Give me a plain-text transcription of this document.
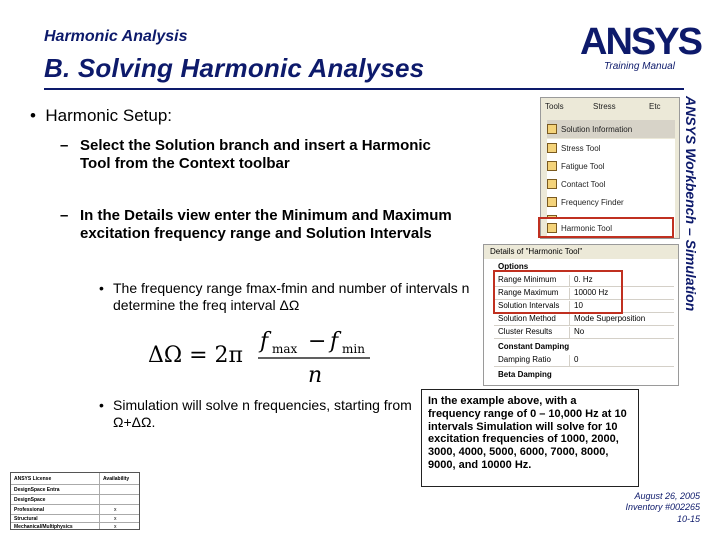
Harmonic Analysis
B. Solving Harmonic Analyses
ANSYS
Training Manual
ANSYS Workbench – Simulation
•  Harmonic Setup:
– Select the Solution branch and insert a Harmonic Tool from the Context toolbar
– In the Details view enter the Minimum and Maximum excitation frequency range and Solution Intervals
• The frequency range fmax-fmin and number of intervals n determine the freq interval ΔΩ
• Simulation will solve n frequencies, starting from Ω+ΔΩ.
ΔΩ = 2π
f max − f min
n
Tools	Stress	Etc
Solution Information
Stress Tool
Fatigue Tool
Contact Tool
Frequency Finder
Harmonic Tool
Details of "Harmonic Tool"
Options
Range Minimum	0. Hz
Range Maximum	10000 Hz
Solution Intervals	10
Solution Method	Mode Superposition
Cluster Results	No
Constant Damping
Damping Ratio	0
Beta Damping
In the example above, with a frequency range of 0 – 10,000 Hz at 10 intervals Simulation will solve for 10 excitation frequencies of 1000, 2000, 3000, 4000, 5000, 6000, 7000, 8000, 9000, and 10000 Hz.
ANSYS License	Availability
DesignSpace Entra
DesignSpace
Professional	x
Structural	x
Mechanical/Multiphysics	x
August 26, 2005
Inventory #002265
10-15
